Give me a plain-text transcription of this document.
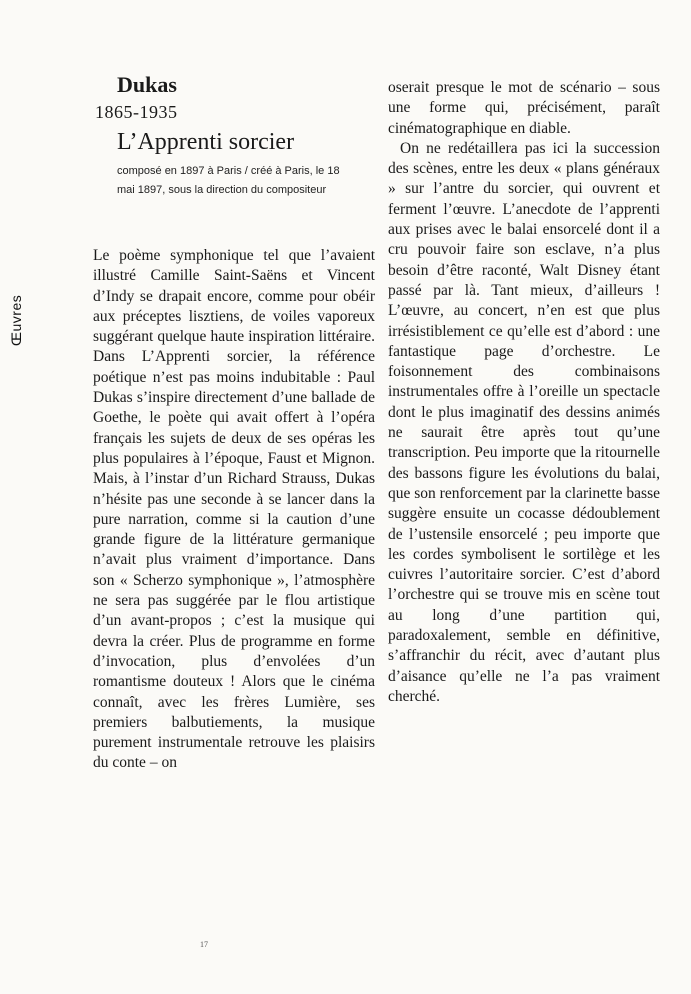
Œuvres
Dukas
1865-1935
L’Apprenti sorcier
composé en 1897 à Paris / créé à Paris, le 18 mai 1897, sous la direction du compositeur

Le poème symphonique tel que l’avaient illustré Camille Saint-Saëns et Vincent d’Indy se drapait encore, comme pour obéir aux préceptes lisztiens, de voiles vaporeux suggérant quelque haute inspiration littéraire. Dans L’Apprenti sorcier, la référence poétique n’est pas moins indubitable : Paul Dukas s’inspire directement d’une ballade de Goethe, le poète qui avait offert à l’opéra français les sujets de deux de ses opéras les plus populaires à l’époque, Faust et Mignon. Mais, à l’instar d’un Richard Strauss, Dukas n’hésite pas une seconde à se lancer dans la pure narration, comme si la caution d’une grande figure de la littérature germanique n’avait plus vraiment d’importance. Dans son « Scherzo symphonique », l’atmosphère ne sera pas suggérée par le flou artistique d’un avant-propos ; c’est la musique qui devra la créer. Plus de programme en forme d’invocation, plus d’envolées d’un romantisme douteux ! Alors que le cinéma connaît, avec les frères Lumière, ses premiers balbutiements, la musique purement instrumentale retrouve les plaisirs du conte – on

oserait presque le mot de scénario – sous une forme qui, précisément, paraît cinématographique en diable.

On ne redétaillera pas ici la succession des scènes, entre les deux « plans généraux » sur l’antre du sorcier, qui ouvrent et ferment l’œuvre. L’anecdote de l’apprenti aux prises avec le balai ensorcelé dont il a cru pouvoir faire son esclave, n’a plus besoin d’être raconté, Walt Disney étant passé par là. Tant mieux, d’ailleurs ! L’œuvre, au concert, n’en est que plus irrésistiblement ce qu’elle est d’abord : une fantastique page d’orchestre. Le foisonnement des combinaisons instrumentales offre à l’oreille un spectacle dont le plus imaginatif des dessins animés ne saurait être après tout qu’une transcription. Peu importe que la ritournelle des bassons figure les évolutions du balai, que son renforcement par la clarinette basse suggère ensuite un cocasse dédoublement de l’ustensile ensorcelé ; peu importe que les cordes symbolisent le sortilège et les cuivres l’autoritaire sorcier. C’est d’abord l’orchestre qui se trouve mis en scène tout au long d’une partition qui, paradoxalement, semble en définitive, s’affranchir du récit, avec d’autant plus d’aisance qu’elle ne l’a pas vraiment cherché.

17
